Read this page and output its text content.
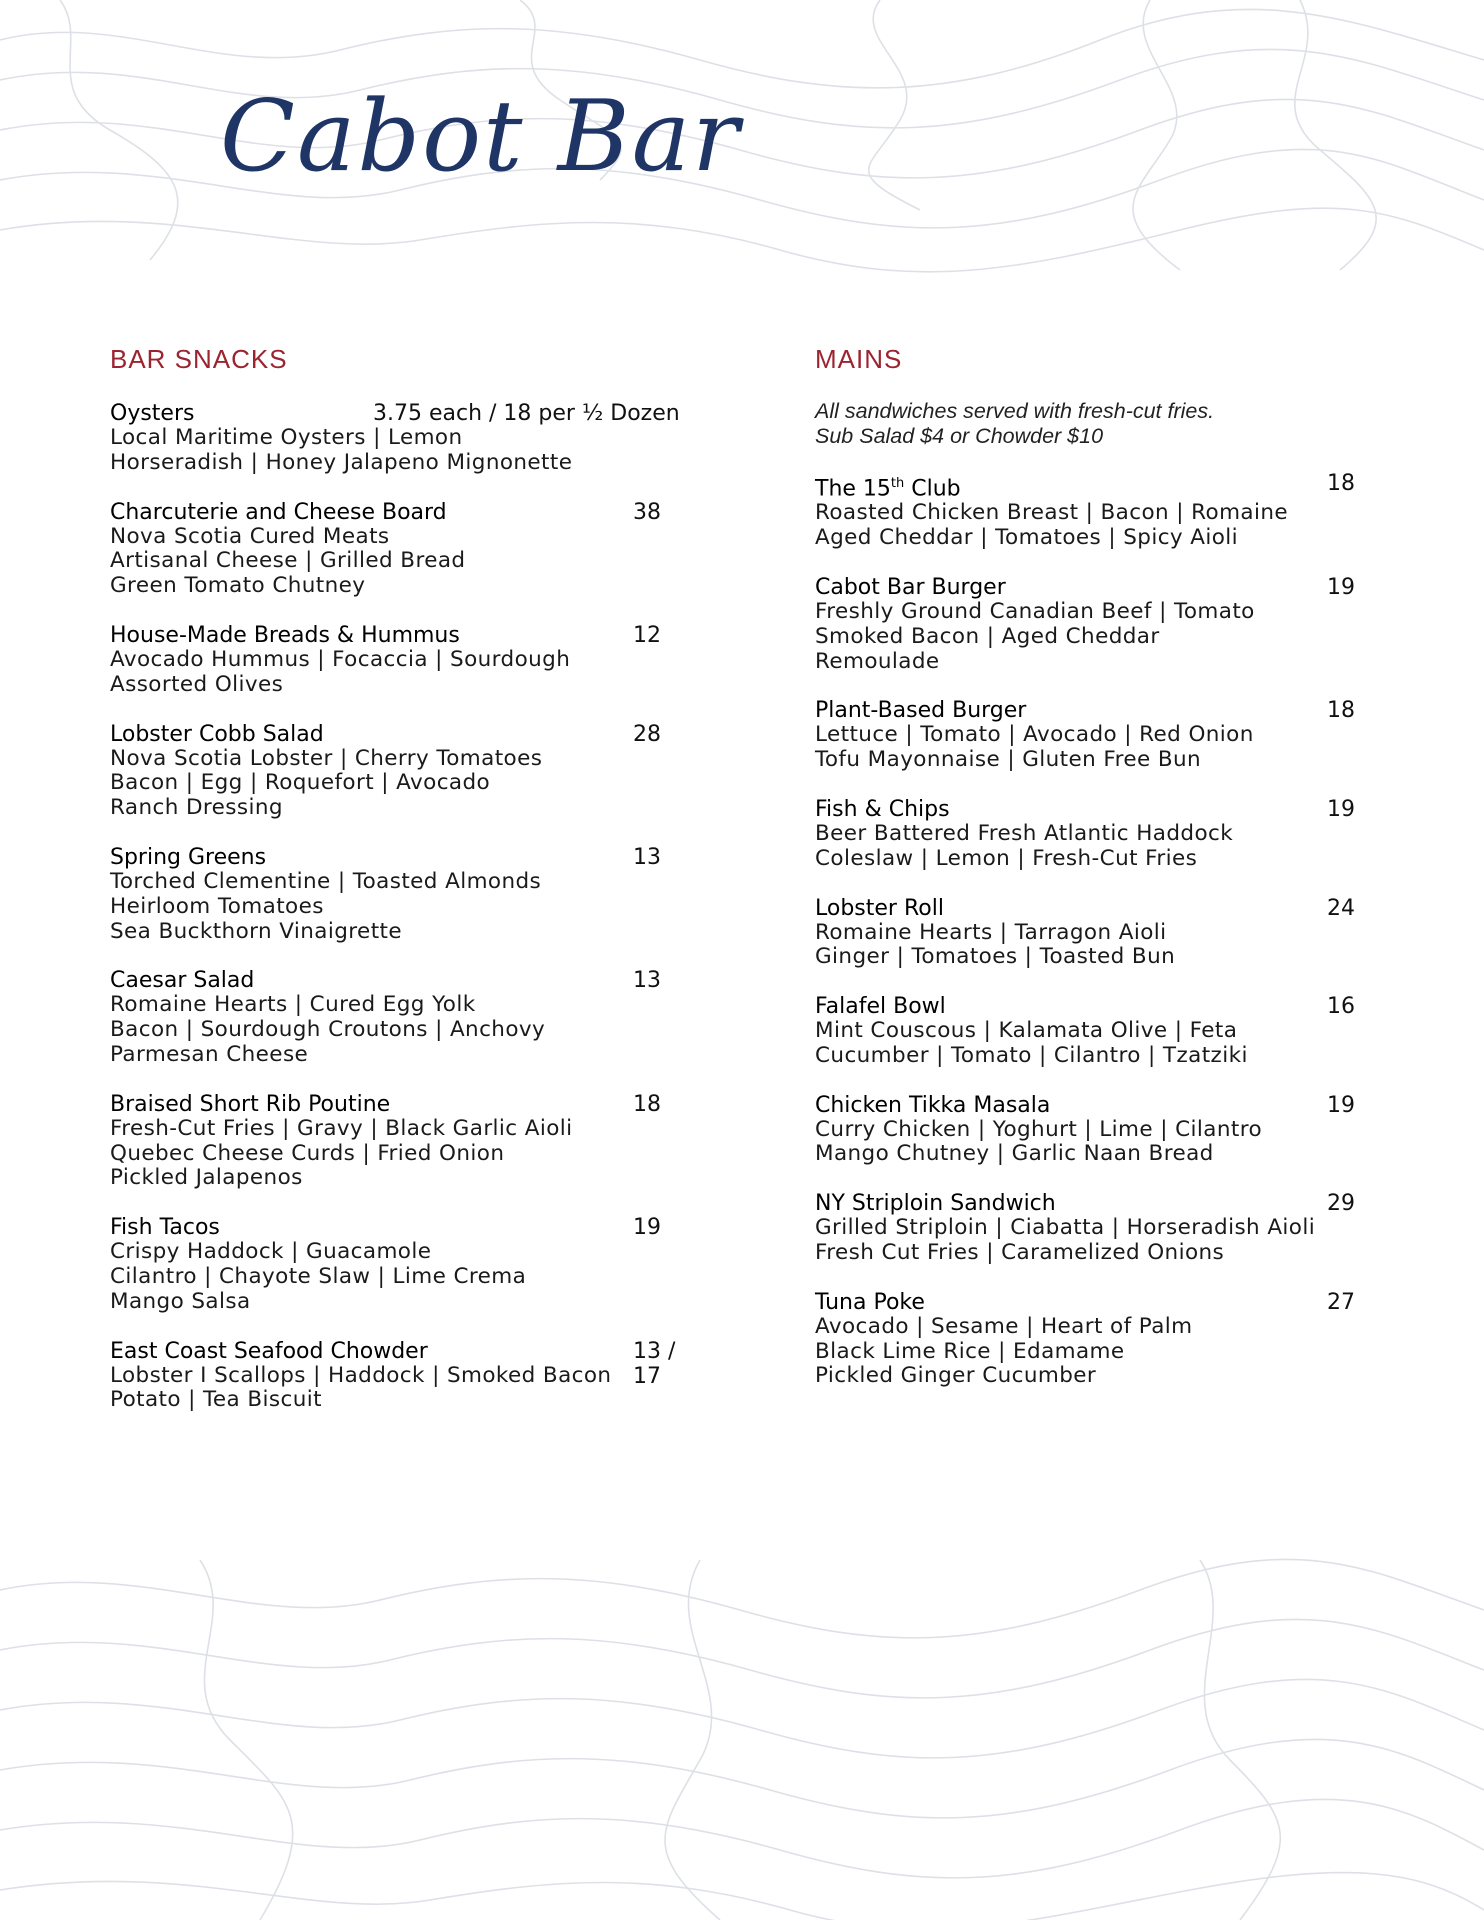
Cabot Bar
BAR SNACKS
Oysters	3.75 each / 18 per ½ Dozen
Local Maritime Oysters | Lemon
Horseradish | Honey Jalapeno Mignonette
Charcuterie and Cheese Board	38
Nova Scotia Cured Meats
Artisanal Cheese | Grilled Bread
Green Tomato Chutney
House-Made Breads & Hummus	12
Avocado Hummus | Focaccia | Sourdough
Assorted Olives
Lobster Cobb Salad	28
Nova Scotia Lobster | Cherry Tomatoes
Bacon | Egg | Roquefort | Avocado
Ranch Dressing
Spring Greens	13
Torched Clementine | Toasted Almonds
Heirloom Tomatoes
Sea Buckthorn Vinaigrette
Caesar Salad	13
Romaine Hearts | Cured Egg Yolk
Bacon | Sourdough Croutons | Anchovy
Parmesan Cheese
Braised Short Rib Poutine	18
Fresh-Cut Fries | Gravy | Black Garlic Aioli
Quebec Cheese Curds | Fried Onion
Pickled Jalapenos
Fish Tacos	19
Crispy Haddock | Guacamole
Cilantro | Chayote Slaw | Lime Crema
Mango Salsa
East Coast Seafood Chowder	13 / 17
Lobster I Scallops | Haddock | Smoked Bacon
Potato | Tea Biscuit
MAINS
All sandwiches served with fresh-cut fries.
Sub Salad $4 or Chowder $10
The 15th Club	18
Roasted Chicken Breast | Bacon | Romaine
Aged Cheddar | Tomatoes | Spicy Aioli
Cabot Bar Burger	19
Freshly Ground Canadian Beef | Tomato
Smoked Bacon | Aged Cheddar
Remoulade
Plant-Based Burger	18
Lettuce | Tomato | Avocado | Red Onion
Tofu Mayonnaise | Gluten Free Bun
Fish & Chips	19
Beer Battered Fresh Atlantic Haddock
Coleslaw | Lemon | Fresh-Cut Fries
Lobster Roll	24
Romaine Hearts | Tarragon Aioli
Ginger | Tomatoes | Toasted Bun
Falafel Bowl	16
Mint Couscous | Kalamata Olive | Feta
Cucumber | Tomato | Cilantro | Tzatziki
Chicken Tikka Masala	19
Curry Chicken | Yoghurt | Lime | Cilantro
Mango Chutney | Garlic Naan Bread
NY Striploin Sandwich	29
Grilled Striploin | Ciabatta | Horseradish Aioli
Fresh Cut Fries | Caramelized Onions
Tuna Poke	27
Avocado | Sesame | Heart of Palm
Black Lime Rice | Edamame
Pickled Ginger Cucumber
